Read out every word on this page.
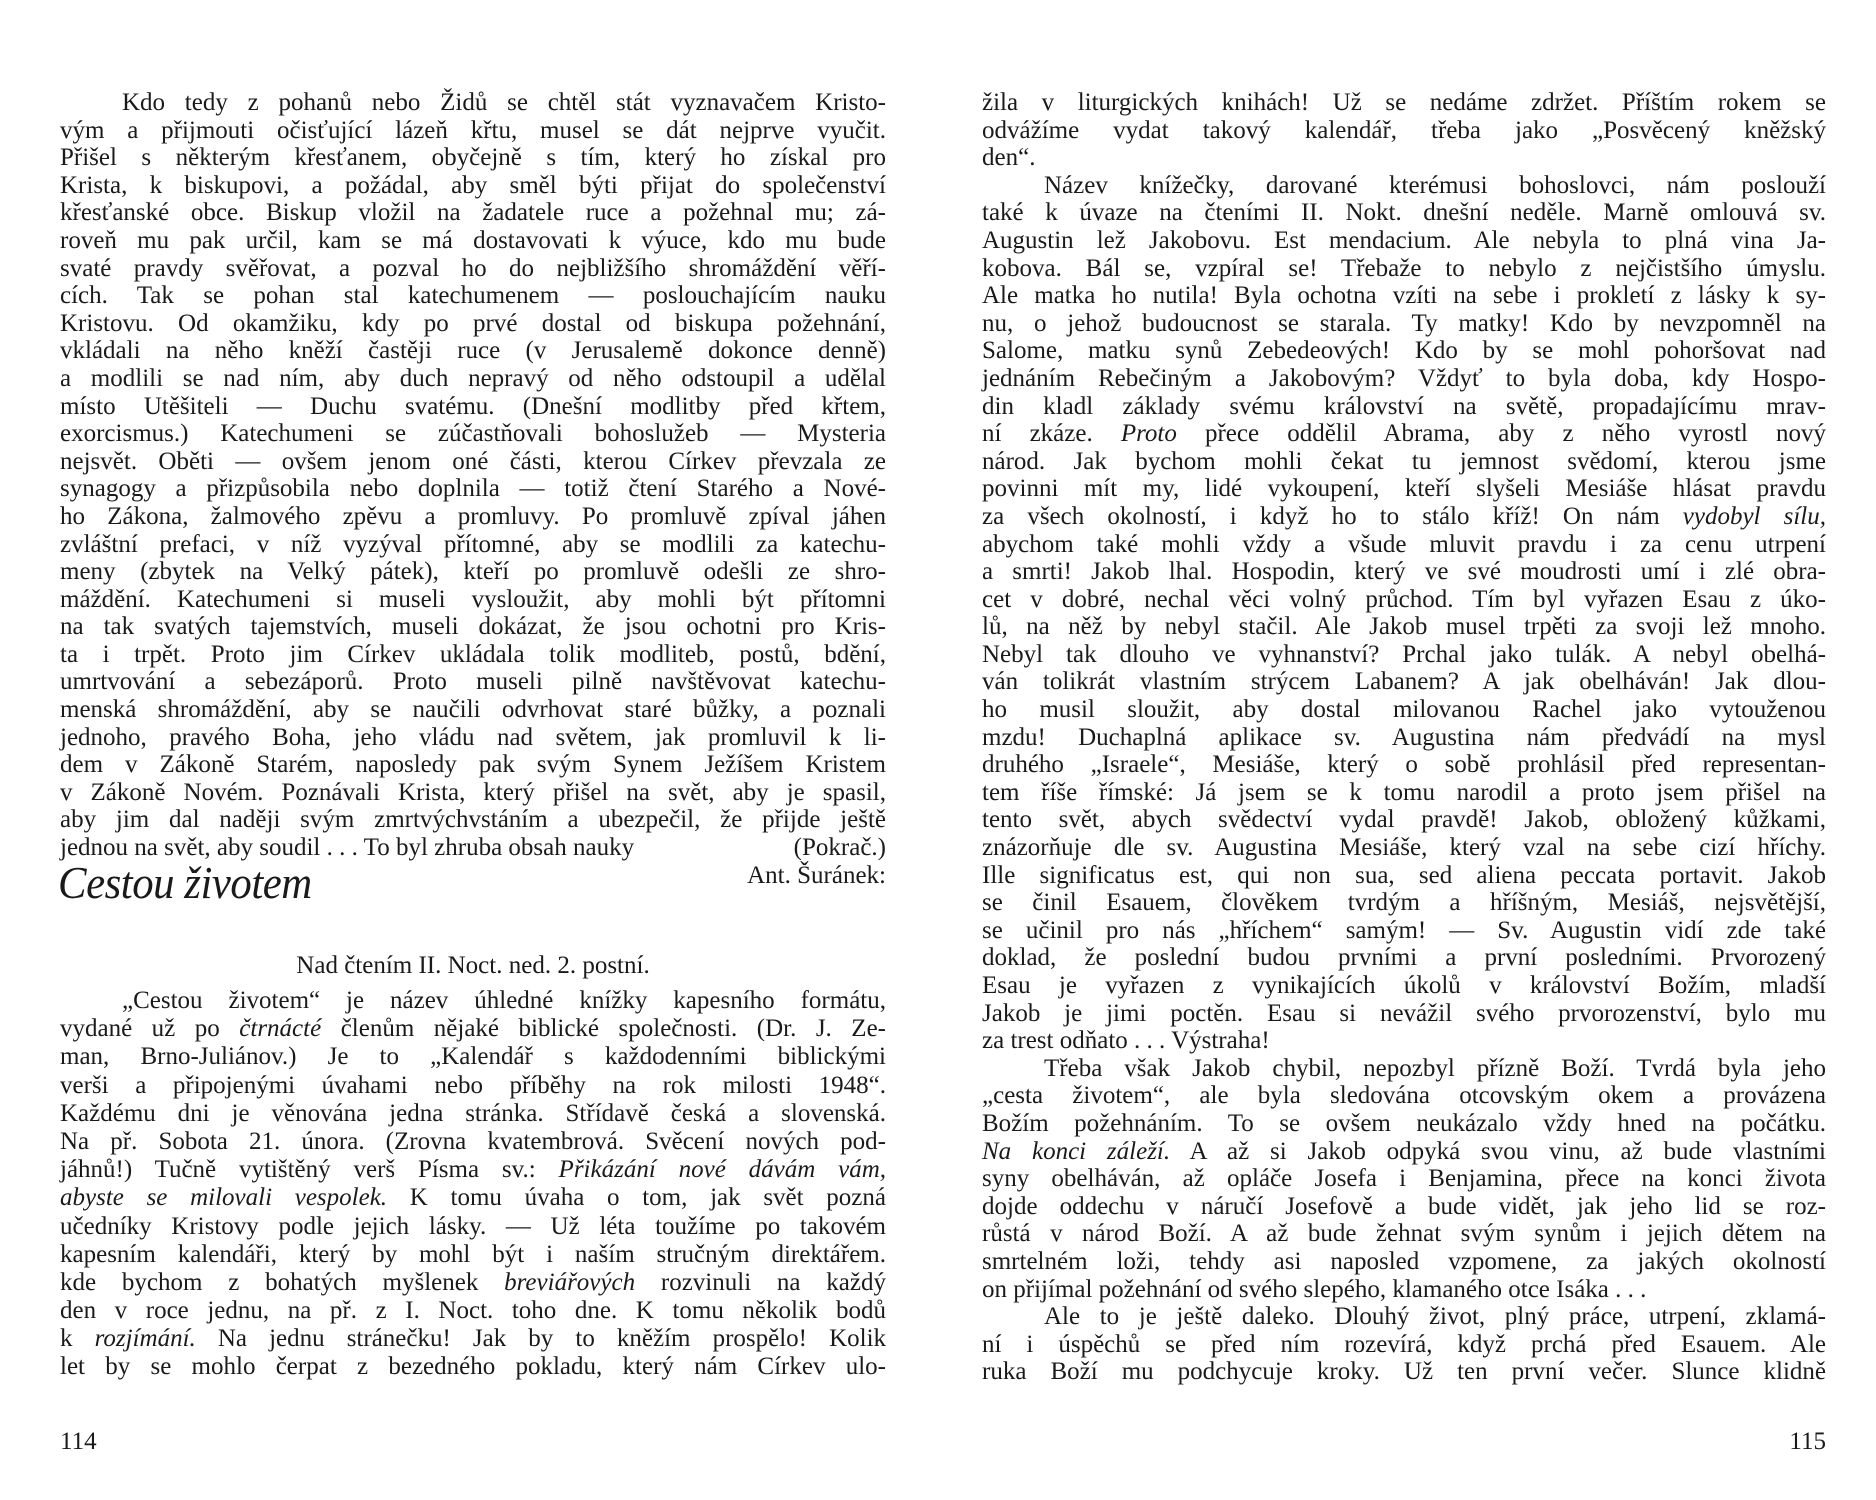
Kdo tedy z pohanů nebo Židů se chtěl stát vyznavačem Kristo-
vým a přijmouti očisťující lázeň křtu, musel se dát nejprve vyučit.
Přišel s některým křesťanem, obyčejně s tím, který ho získal pro
Krista, k biskupovi, a požádal, aby směl býti přijat do společenství
křesťanské obce. Biskup vložil na žadatele ruce a požehnal mu; zá-
roveň mu pak určil, kam se má dostavovati k výuce, kdo mu bude
svaté pravdy svěřovat, a pozval ho do nejbližšího shromáždění věří-
cích. Tak se pohan stal katechumenem — poslouchajícím nauku
Kristovu. Od okamžiku, kdy po prvé dostal od biskupa požehnání,
vkládali na něho kněží častěji ruce (v Jerusalemě dokonce denně)
a modlili se nad ním, aby duch nepravý od něho odstoupil a udělal
místo Utěšiteli — Duchu svatému. (Dnešní modlitby před křtem,
exorcismus.) Katechumeni se zúčastňovali bohoslužeb — Mysteria
nejsvět. Oběti — ovšem jenom oné části, kterou Církev převzala ze
synagogy a přizpůsobila nebo doplnila — totiž čtení Starého a Nové-
ho Zákona, žalmového zpěvu a promluvy. Po promluvě zpíval jáhen
zvláštní prefaci, v níž vyzýval přítomné, aby se modlili za katechu-
meny (zbytek na Velký pátek), kteří po promluvě odešli ze shro-
máždění. Katechumeni si museli vysloužit, aby mohli být přítomni
na tak svatých tajemstvích, museli dokázat, že jsou ochotni pro Kris-
ta i trpět. Proto jim Církev ukládala tolik modliteb, postů, bdění,
umrtvování a sebezáporů. Proto museli pilně navštěvovat katechu-
menská shromáždění, aby se naučili odvrhovat staré bůžky, a poznali
jednoho, pravého Boha, jeho vládu nad světem, jak promluvil k li-
dem v Zákoně Starém, naposledy pak svým Synem Ježíšem Kristem
v Zákoně Novém. Poznávali Krista, který přišel na svět, aby je spasil,
aby jim dal naději svým zmrtvýchvstáním a ubezpečil, že přijde ještě
jednou na svět, aby soudil . . . To byl zhruba obsah nauky	(Pokrač.)
Cestou životem	Ant. Šuránek:
Nad čtením II. Noct. ned. 2. postní.
„Cestou životem“ je název úhledné knížky kapesního formátu,
vydané už po čtrnácté členům nějaké biblické společnosti. (Dr. J. Ze-
man, Brno-Juliánov.) Je to „Kalendář s každodenními biblickými
verši a připojenými úvahami nebo příběhy na rok milosti 1948“.
Každému dni je věnována jedna stránka. Střídavě česká a slovenská.
Na př. Sobota 21. února. (Zrovna kvatembrová. Svěcení nových pod-
jáhnů!) Tučně vytištěný verš Písma sv.: Přikázání nové dávám vám,
abyste se milovali vespolek. K tomu úvaha o tom, jak svět pozná
učedníky Kristovy podle jejich lásky. — Už léta toužíme po takovém
kapesním kalendáři, který by mohl být i naším stručným direktářem.
kde bychom z bohatých myšlenek breviářových rozvinuli na každý
den v roce jednu, na př. z I. Noct. toho dne. K tomu několik bodů
k rozjímání. Na jednu stránečku! Jak by to kněžím prospělo! Kolik
let by se mohlo čerpat z bezedného pokladu, který nám Církev ulo-
114
žila v liturgických knihách! Už se nedáme zdržet. Příštím rokem se
odvážíme vydat takový kalendář, třeba jako „Posvěcený kněžský
den“.
Název knížečky, darované kterémusi bohoslovci, nám poslouží
také k úvaze na čteními II. Nokt. dnešní neděle. Marně omlouvá sv.
Augustin lež Jakobovu. Est mendacium. Ale nebyla to plná vina Ja-
kobova. Bál se, vzpíral se! Třebaže to nebylo z nejčistšího úmyslu.
Ale matka ho nutila! Byla ochotna vzíti na sebe i prokletí z lásky k sy-
nu, o jehož budoucnost se starala. Ty matky! Kdo by nevzpomněl na
Salome, matku synů Zebedeových! Kdo by se mohl pohoršovat nad
jednáním Rebečiným a Jakobovým? Vždyť to byla doba, kdy Hospo-
din kladl základy svému království na světě, propadajícímu mrav-
ní zkáze. Proto přece oddělil Abrama, aby z něho vyrostl nový
národ. Jak bychom mohli čekat tu jemnost svědomí, kterou jsme
povinni mít my, lidé vykoupení, kteří slyšeli Mesiáše hlásat pravdu
za všech okolností, i když ho to stálo kříž! On nám vydobyl sílu,
abychom také mohli vždy a všude mluvit pravdu i za cenu utrpení
a smrti! Jakob lhal. Hospodin, který ve své moudrosti umí i zlé obra-
cet v dobré, nechal věci volný průchod. Tím byl vyřazen Esau z úko-
lů, na něž by nebyl stačil. Ale Jakob musel trpěti za svoji lež mnoho.
Nebyl tak dlouho ve vyhnanství? Prchal jako tulák. A nebyl obelhá-
ván tolikrát vlastním strýcem Labanem? A jak obelháván! Jak dlou-
ho musil sloužit, aby dostal milovanou Rachel jako vytouženou
mzdu! Duchaplná aplikace sv. Augustina nám předvádí na mysl
druhého „Israele“, Mesiáše, který o sobě prohlásil před representan-
tem říše římské: Já jsem se k tomu narodil a proto jsem přišel na
tento svět, abych svědectví vydal pravdě! Jakob, obložený kůžkami,
znázorňuje dle sv. Augustina Mesiáše, který vzal na sebe cizí hříchy.
Ille significatus est, qui non sua, sed aliena peccata portavit. Jakob
se činil Esauem, člověkem tvrdým a hříšným, Mesiáš, nejsvětější,
se učinil pro nás „hříchem“ samým! — Sv. Augustin vidí zde také
doklad, že poslední budou prvními a první posledními. Prvorozený
Esau je vyřazen z vynikajících úkolů v království Božím, mladší
Jakob je jimi poctěn. Esau si nevážil svého prvorozenství, bylo mu
za trest odňato . . . Výstraha!
Třeba však Jakob chybil, nepozbyl přízně Boží. Tvrdá byla jeho
„cesta životem“, ale byla sledována otcovským okem a provázena
Božím požehnáním. To se ovšem neukázalo vždy hned na počátku.
Na konci záleží. A až si Jakob odpyká svou vinu, až bude vlastními
syny obelháván, až opláče Josefa i Benjamina, přece na konci života
dojde oddechu v náručí Josefově a bude vidět, jak jeho lid se roz-
růstá v národ Boží. A až bude žehnat svým synům i jejich dětem na
smrtelném loži, tehdy asi naposled vzpomene, za jakých okolností
on přijímal požehnání od svého slepého, klamaného otce Isáka . . .
Ale to je ještě daleko. Dlouhý život, plný práce, utrpení, zklamá-
ní i úspěchů se před ním rozevírá, když prchá před Esauem. Ale
ruka Boží mu podchycuje kroky. Už ten první večer. Slunce klidně
115
